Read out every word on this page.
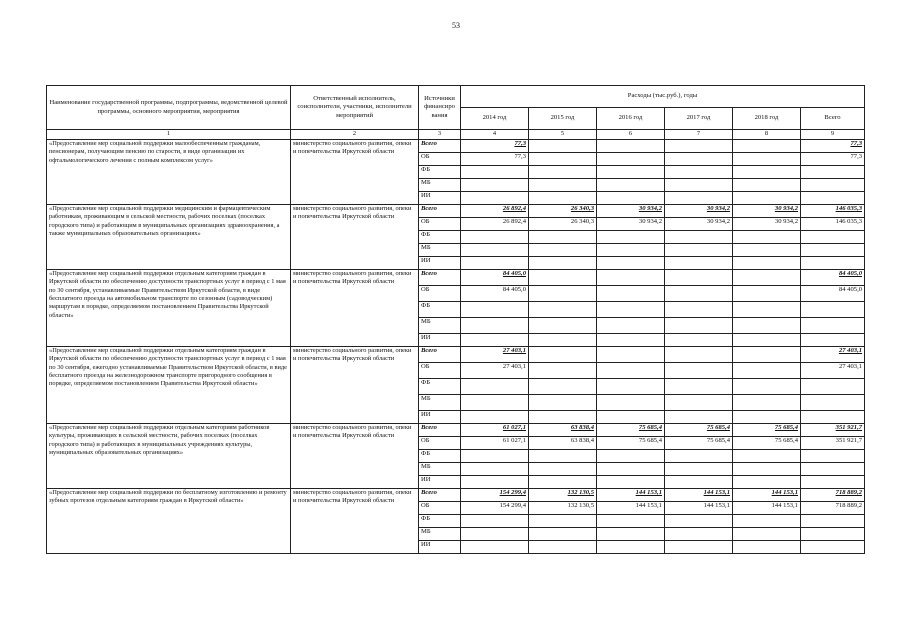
53
Наименование государственной программы, подпрограммы, ведомственной целевой программы, основного мероприятия, мероприятия	Ответственный исполнитель, соисполнители, участники, исполнители мероприятий	Источники финансиро вания	Расходы (тыс.руб.), годы					
			2014 год	2015 год	2016 год	2017 год	2018 год	Всего
1	2	3	4	5	6	7	8	9
«Предоставление мер социальной поддержки малообеспеченным гражданам, пенсионерам, получающим пенсию по старости, в виде организации их офтальмологического лечения с полным комплексом услуг»	министерство социального развития, опеки и попечительства Иркутской области	Всего	77,3					77,3
		ОБ	77,3					77,3
		ФБ						
		МБ						
		ИИ						
«Предоставление мер социальной поддержки медицинским и фармацевтическим работникам, проживающим в сельской местности, рабочих поселках (поселках городского типа) и работающим в муниципальных организациях здравоохранения, а также муниципальных образовательных организациях»	министерство социального развития, опеки и попечительства Иркутской области	Всего	26 892,4	26 340,3	30 934,2	30 934,2	30 934,2	146 035,3
		ОБ	26 892,4	26 340,3	30 934,2	30 934,2	30 934,2	146 035,3
		ФБ						
		МБ						
		ИИ						
«Предоставление мер социальной поддержки отдельным категориям граждан в Иркутской области по обеспечению доступности транспортных услуг в период с 1 мая по 30 сентября, устанавливаемые Правительством Иркутской области, в виде бесплатного проезда на автомобильном транспорте по сезонным (садоводческим) маршрутам в порядке, определяемом постановлением Правительства Иркутской области»	министерство социального развития, опеки и попечительства Иркутской области	Всего	84 405,0					84 405,0
		ОБ	84 405,0					84 405,0
		ФБ						
		МБ						
		ИИ						
«Предоставление мер социальной поддержки отдельным категориям граждан в Иркутской области по обеспечению доступности транспортных услуг в период с 1 мая по 30 сентября, ежегодно устанавливаемые Правительством Иркутской области, в виде бесплатного проезда на железнодорожном транспорте пригородного сообщения в порядке, определяемом постановлением Правительства Иркутской области»	министерство социального развития, опеки и попечительства Иркутской области	Всего	27 403,1					27 403,1
		ОБ	27 403,1					27 403,1
		ФБ						
		МБ						
		ИИ						
«Предоставление мер социальной поддержки отдельным категориям работников культуры, проживающих в сельской местности, рабочих поселках (поселках городского типа) и работающих в муниципальных учреждениях культуры, муниципальных образовательных организациях»	министерство социального развития, опеки и попечительства Иркутской области	Всего	61 027,1	63 838,4	75 685,4	75 685,4	75 685,4	351 921,7
		ОБ	61 027,1	63 838,4	75 685,4	75 685,4	75 685,4	351 921,7
		ФБ						
		МБ						
		ИИ						
«Предоставление мер социальной поддержки по бесплатному изготовлению и ремонту зубных протезов отдельным категориям граждан в Иркутской области»	министерство социального развития, опеки и попечительства Иркутской области	Всего	154 299,4	132 130,5	144 153,1	144 153,1	144 153,1	718 889,2
		ОБ	154 299,4	132 130,5	144 153,1	144 153,1	144 153,1	718 889,2
		ФБ						
		МБ						
		ИИ						
